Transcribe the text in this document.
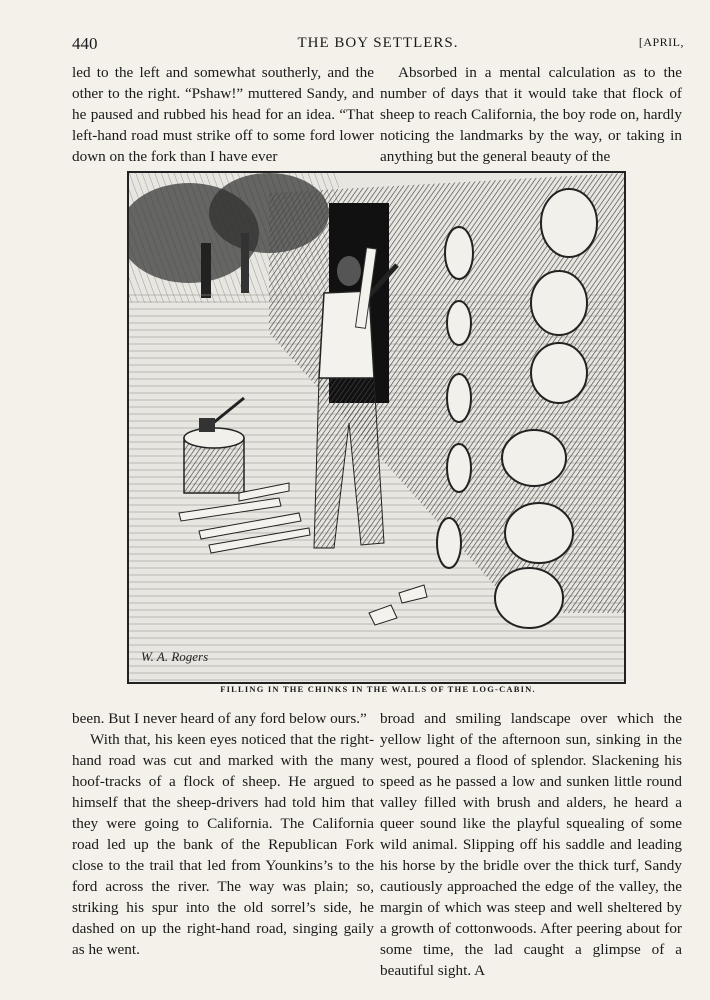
440	THE BOY SETTLERS.	[APRIL,

led to the left and somewhat southerly, and the other to the right. “Pshaw!” muttered Sandy, and he paused and rubbed his head for an idea. “That left-hand road must strike off to some ford lower down on the fork than I have ever

Absorbed in a mental calculation as to the number of days that it would take that flock of sheep to reach California, the boy rode on, hardly noticing the landmarks by the way, or taking in anything but the general beauty of the

W. A. Rogers
FILLING IN THE CHINKS IN THE WALLS OF THE LOG-CABIN.

been. But I never heard of any ford below ours.”

With that, his keen eyes noticed that the right-hand road was cut and marked with the many hoof-tracks of a flock of sheep. He argued to himself that the sheep-drivers had told him that they were going to California. The California road led up the bank of the Republican Fork close to the trail that led from Younkins’s to the ford across the river. The way was plain; so, striking his spur into the old sorrel’s side, he dashed on up the right-hand road, singing gaily as he went.

broad and smiling landscape over which the yellow light of the afternoon sun, sinking in the west, poured a flood of splendor. Slackening his speed as he passed a low and sunken little round valley filled with brush and alders, he heard a queer sound like the playful squealing of some wild animal. Slipping off his saddle and leading his horse by the bridle over the thick turf, Sandy cautiously approached the edge of the valley, the margin of which was steep and well sheltered by a growth of cottonwoods. After peering about for some time, the lad caught a glimpse of a beautiful sight. A
